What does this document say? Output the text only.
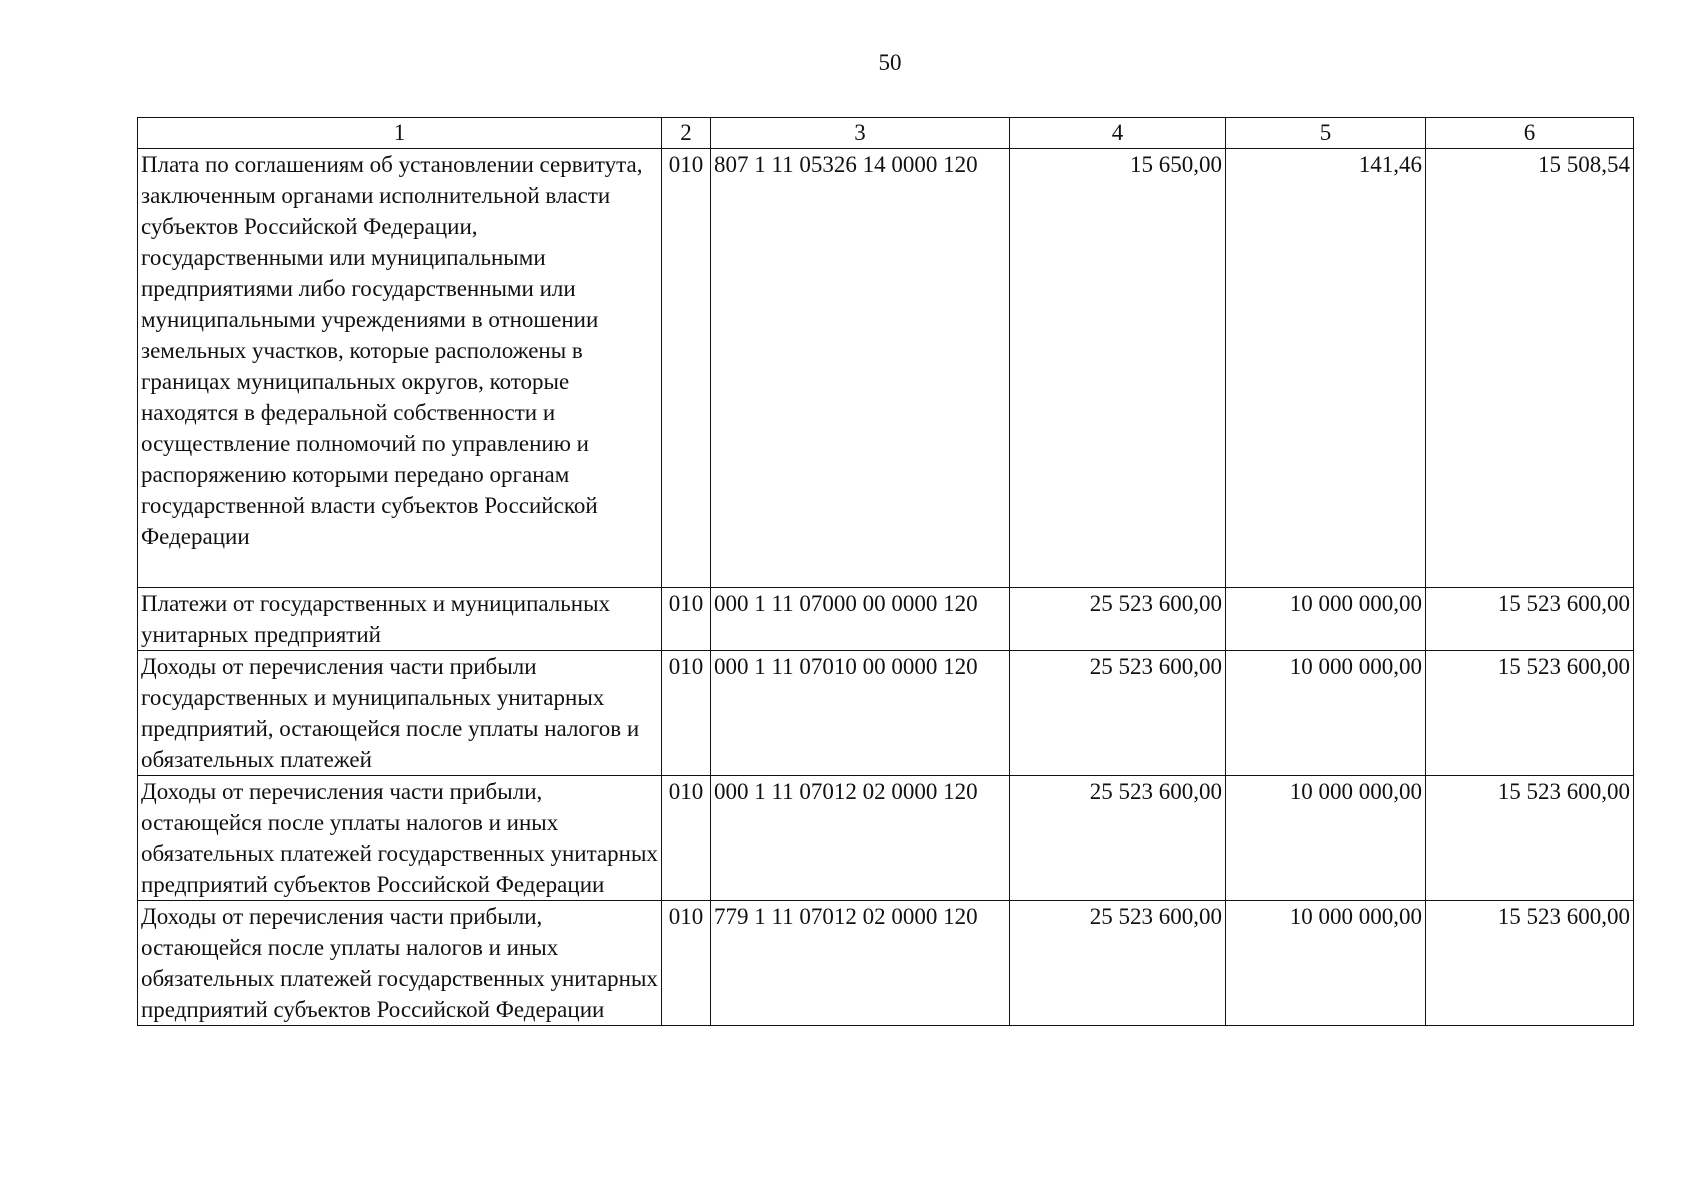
50
1	2	3	4	5	6
Плата по соглашениям об установлении сервитута, заключенным органами исполнительной власти субъектов Российской Федерации, государственными или муниципальными предприятиями либо государственными или муниципальными учреждениями в отношении земельных участков, которые расположены в границах муниципальных округов, которые находятся в федеральной собственности и осуществление полномочий по управлению и распоряжению которыми передано органам государственной власти субъектов Российской Федерации	010	807 1 11 05326 14 0000 120	15 650,00	141,46	15 508,54
Платежи от государственных и муниципальных унитарных предприятий	010	000 1 11 07000 00 0000 120	25 523 600,00	10 000 000,00	15 523 600,00
Доходы от перечисления части прибыли государственных и муниципальных унитарных предприятий, остающейся после уплаты налогов и обязательных платежей	010	000 1 11 07010 00 0000 120	25 523 600,00	10 000 000,00	15 523 600,00
Доходы от перечисления части прибыли, остающейся после уплаты налогов и иных обязательных платежей государственных унитарных предприятий субъектов Российской Федерации	010	000 1 11 07012 02 0000 120	25 523 600,00	10 000 000,00	15 523 600,00
Доходы от перечисления части прибыли, остающейся после уплаты налогов и иных обязательных платежей государственных унитарных предприятий субъектов Российской Федерации	010	779 1 11 07012 02 0000 120	25 523 600,00	10 000 000,00	15 523 600,00
